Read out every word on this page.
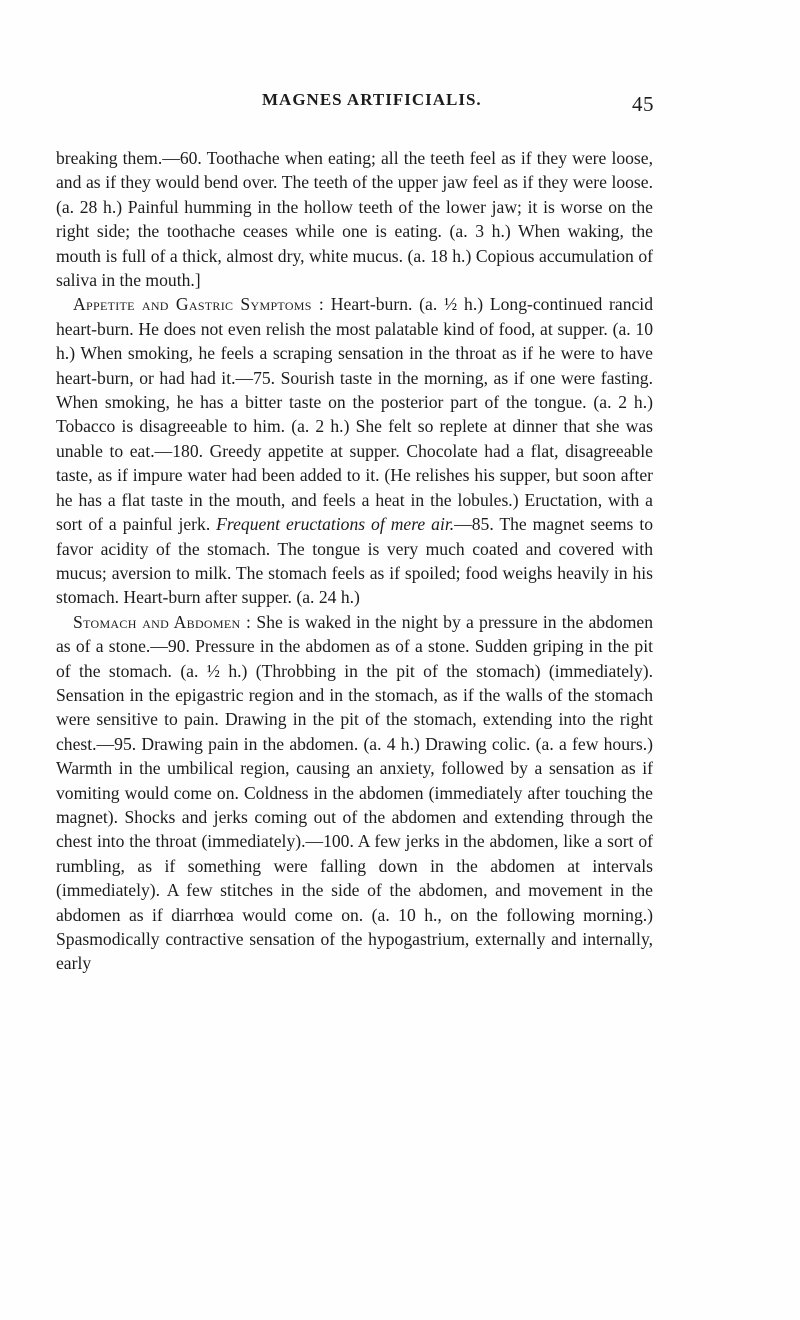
MAGNES ARTIFICIALIS.	45

breaking them.—60. Toothache when eating; all the teeth feel as if they were loose, and as if they would bend over. The teeth of the upper jaw feel as if they were loose. (a. 28 h.) Painful humming in the hollow teeth of the lower jaw; it is worse on the right side; the toothache ceases while one is eating. (a. 3 h.) When waking, the mouth is full of a thick, almost dry, white mucus. (a. 18 h.) Copious accumulation of saliva in the mouth.]

Appetite and Gastric Symptoms : Heart-burn. (a. ½ h.) Long-continued rancid heart-burn. He does not even relish the most palatable kind of food, at supper. (a. 10 h.) When smoking, he feels a scraping sensation in the throat as if he were to have heart-burn, or had had it.—75. Sourish taste in the morning, as if one were fasting. When smoking, he has a bitter taste on the posterior part of the tongue. (a. 2 h.) Tobacco is disagreeable to him. (a. 2 h.) She felt so replete at dinner that she was unable to eat.—180. Greedy appetite at supper. Chocolate had a flat, disagreeable taste, as if impure water had been added to it. (He relishes his supper, but soon after he has a flat taste in the mouth, and feels a heat in the lobules.) Eructation, with a sort of a painful jerk. Frequent eructations of mere air.—85. The magnet seems to favor acidity of the stomach. The tongue is very much coated and covered with mucus; aversion to milk. The stomach feels as if spoiled; food weighs heavily in his stomach. Heart-burn after supper. (a. 24 h.)

Stomach and Abdomen : She is waked in the night by a pressure in the abdomen as of a stone.—90. Pressure in the abdomen as of a stone. Sudden griping in the pit of the stomach. (a. ½ h.) (Throbbing in the pit of the stomach) (immediately). Sensation in the epigastric region and in the stomach, as if the walls of the stomach were sensitive to pain. Drawing in the pit of the stomach, extending into the right chest.—95. Drawing pain in the abdomen. (a. 4 h.) Drawing colic. (a. a few hours.) Warmth in the umbilical region, causing an anxiety, followed by a sensation as if vomiting would come on. Coldness in the abdomen (immediately after touching the magnet). Shocks and jerks coming out of the abdomen and extending through the chest into the throat (immediately).—100. A few jerks in the abdomen, like a sort of rumbling, as if something were falling down in the abdomen at intervals (immediately). A few stitches in the side of the abdomen, and movement in the abdomen as if diarrhœa would come on. (a. 10 h., on the following morning.) Spasmodically contractive sensation of the hypogastrium, externally and internally, early
